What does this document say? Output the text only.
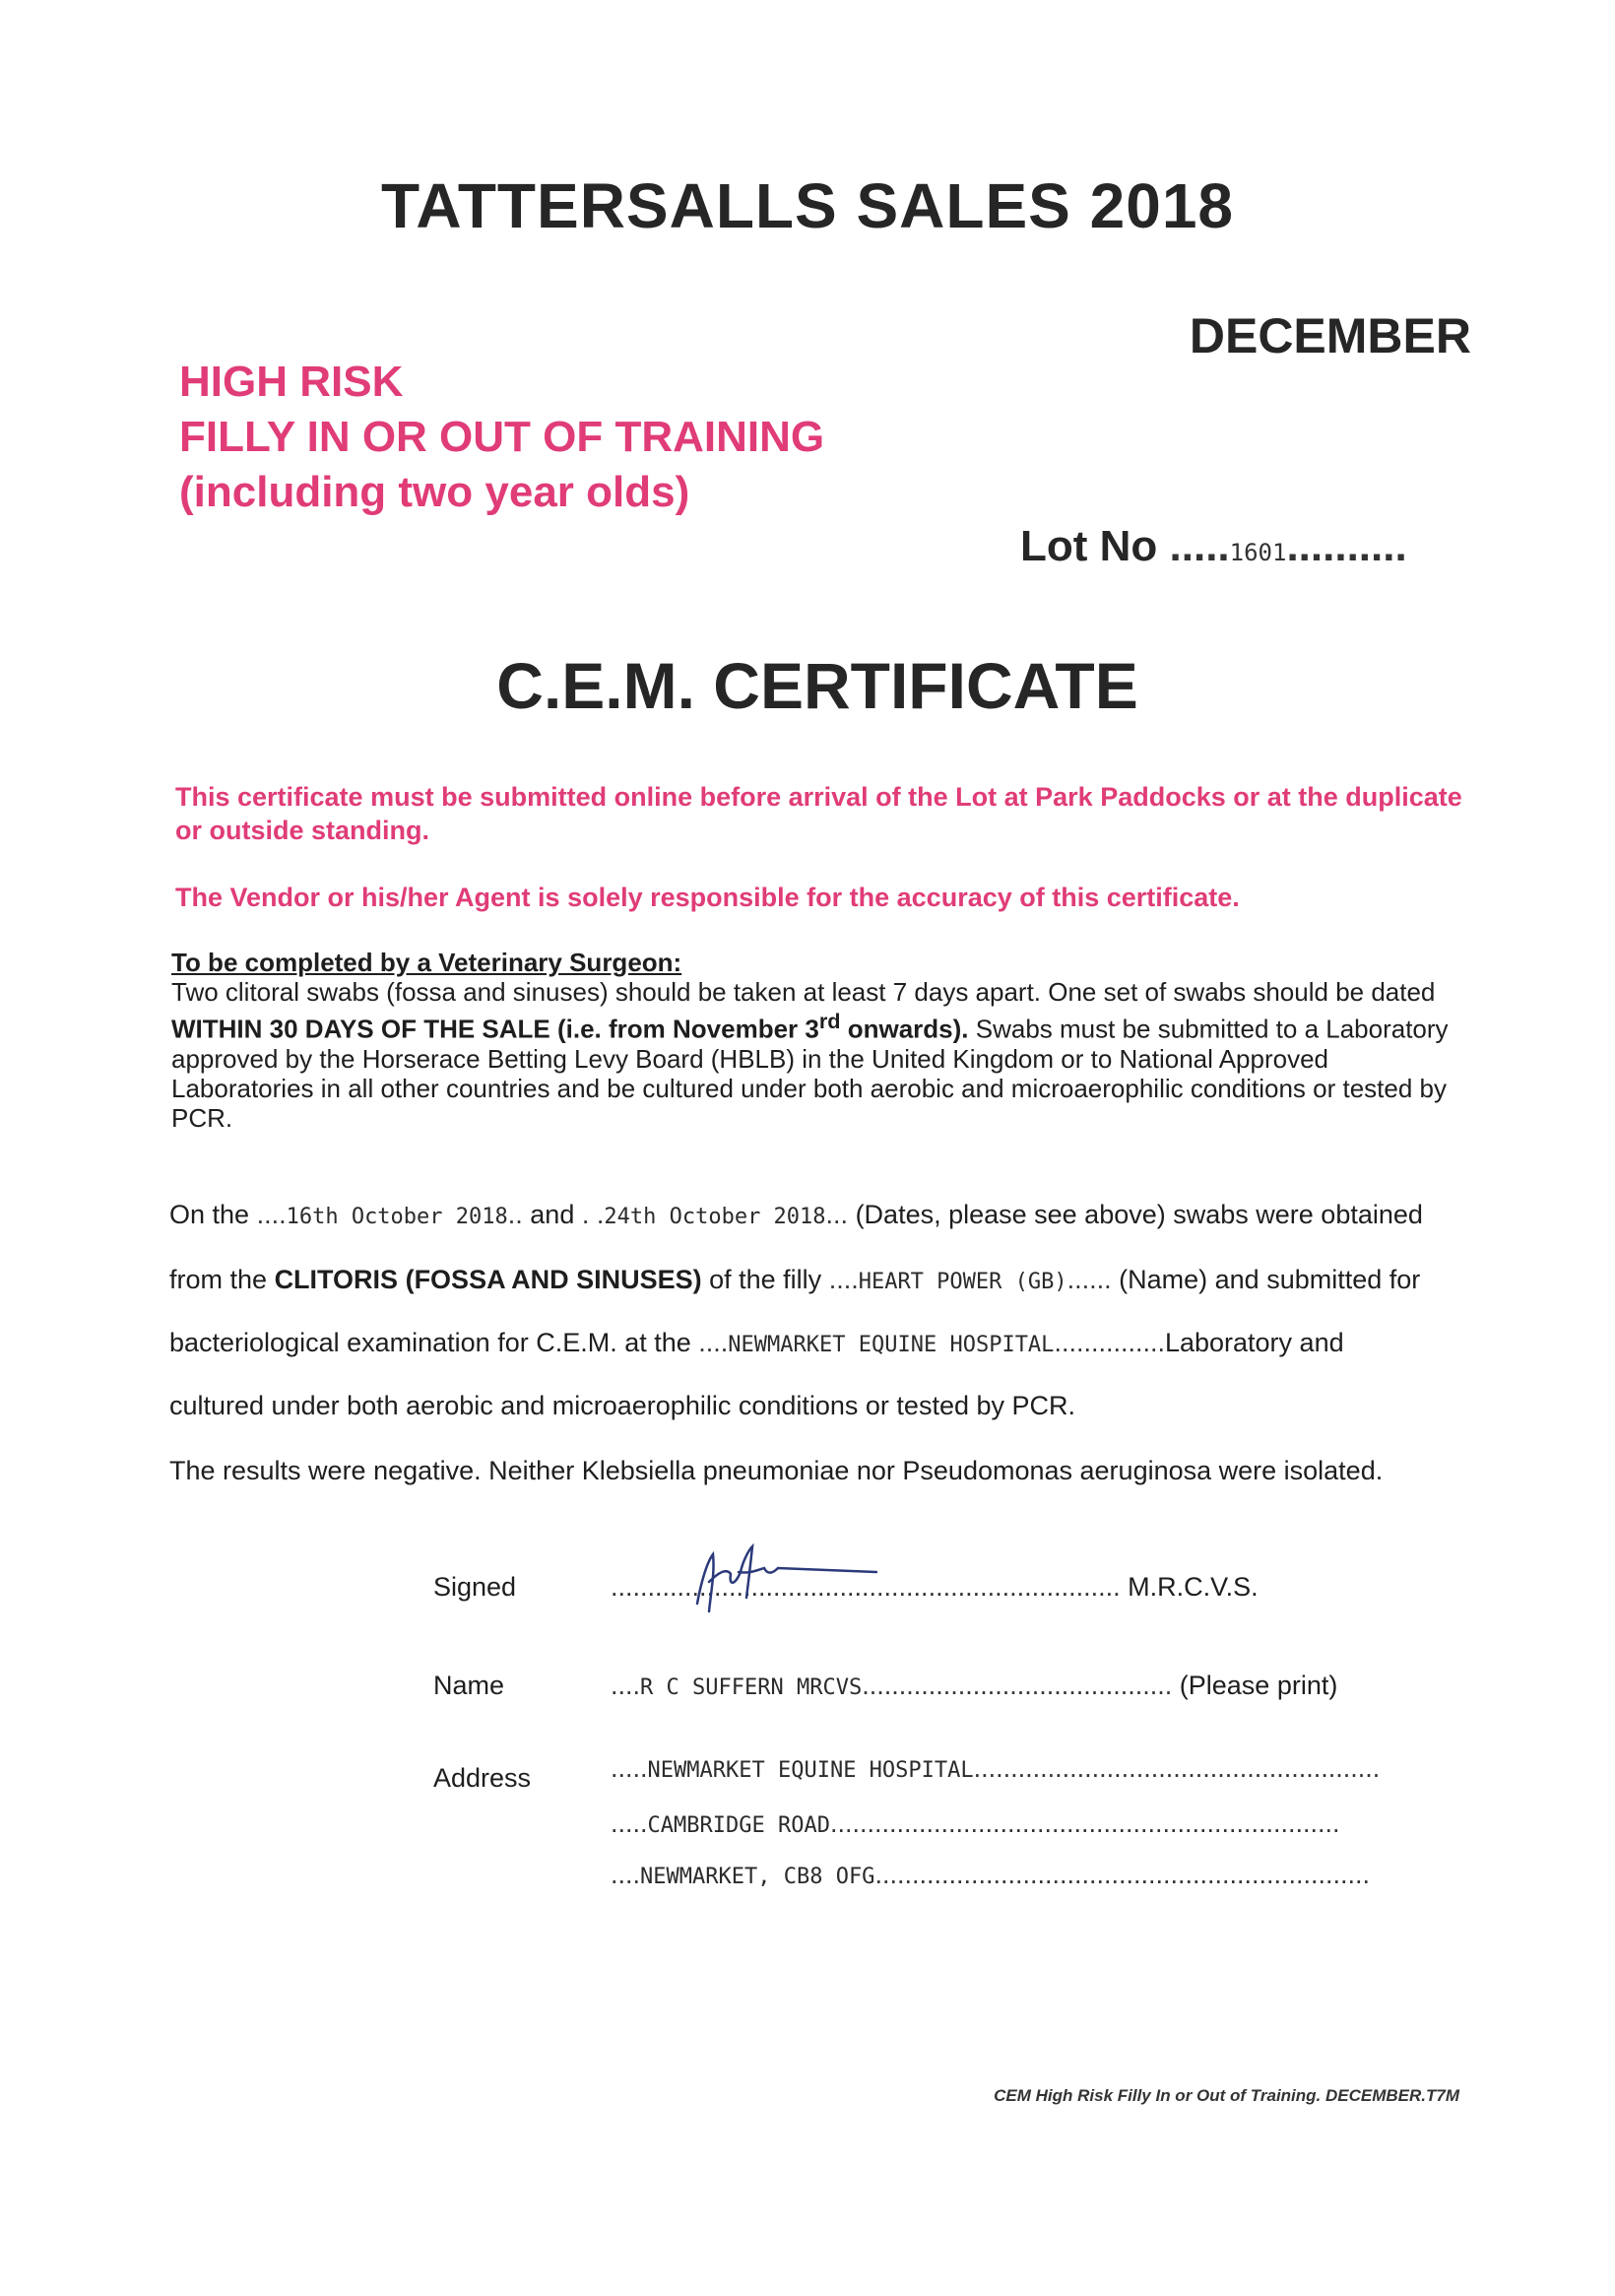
TATTERSALLS SALES 2018
DECEMBER
HIGH RISK
FILLY IN OR OUT OF TRAINING
(including two year olds)
Lot No .....1601..........
C.E.M. CERTIFICATE
This certificate must be submitted online before arrival of the Lot at Park Paddocks or at the duplicate or outside standing.
The Vendor or his/her Agent is solely responsible for the accuracy of this certificate.
To be completed by a Veterinary Surgeon:
Two clitoral swabs (fossa and sinuses) should be taken at least 7 days apart. One set of swabs should be dated WITHIN 30 DAYS OF THE SALE (i.e. from November 3rd onwards). Swabs must be submitted to a Laboratory approved by the Horserace Betting Levy Board (HBLB) in the United Kingdom or to National Approved Laboratories in all other countries and be cultured under both aerobic and microaerophilic conditions or tested by PCR.
On the ....16th October 2018.. and . .24th October 2018... (Dates, please see above) swabs were obtained
from the CLITORIS (FOSSA AND SINUSES) of the filly ....HEART POWER (GB)...... (Name) and submitted for
bacteriological examination for C.E.M. at the ....NEWMARKET EQUINE HOSPITAL...............Laboratory and
cultured under both aerobic and microaerophilic conditions or tested by PCR.
The results were negative. Neither Klebsiella pneumoniae nor Pseudomonas aeruginosa were isolated.
Signed	..................................................................... M.R.C.V.S.
Name	....R C SUFFERN MRCVS.......................................... (Please print)
Address	.....NEWMARKET EQUINE HOSPITAL.......................................................
.....CAMBRIDGE ROAD.....................................................................
....NEWMARKET, CB8 OFG...................................................................
CEM High Risk Filly In or Out of Training. DECEMBER.T7M
